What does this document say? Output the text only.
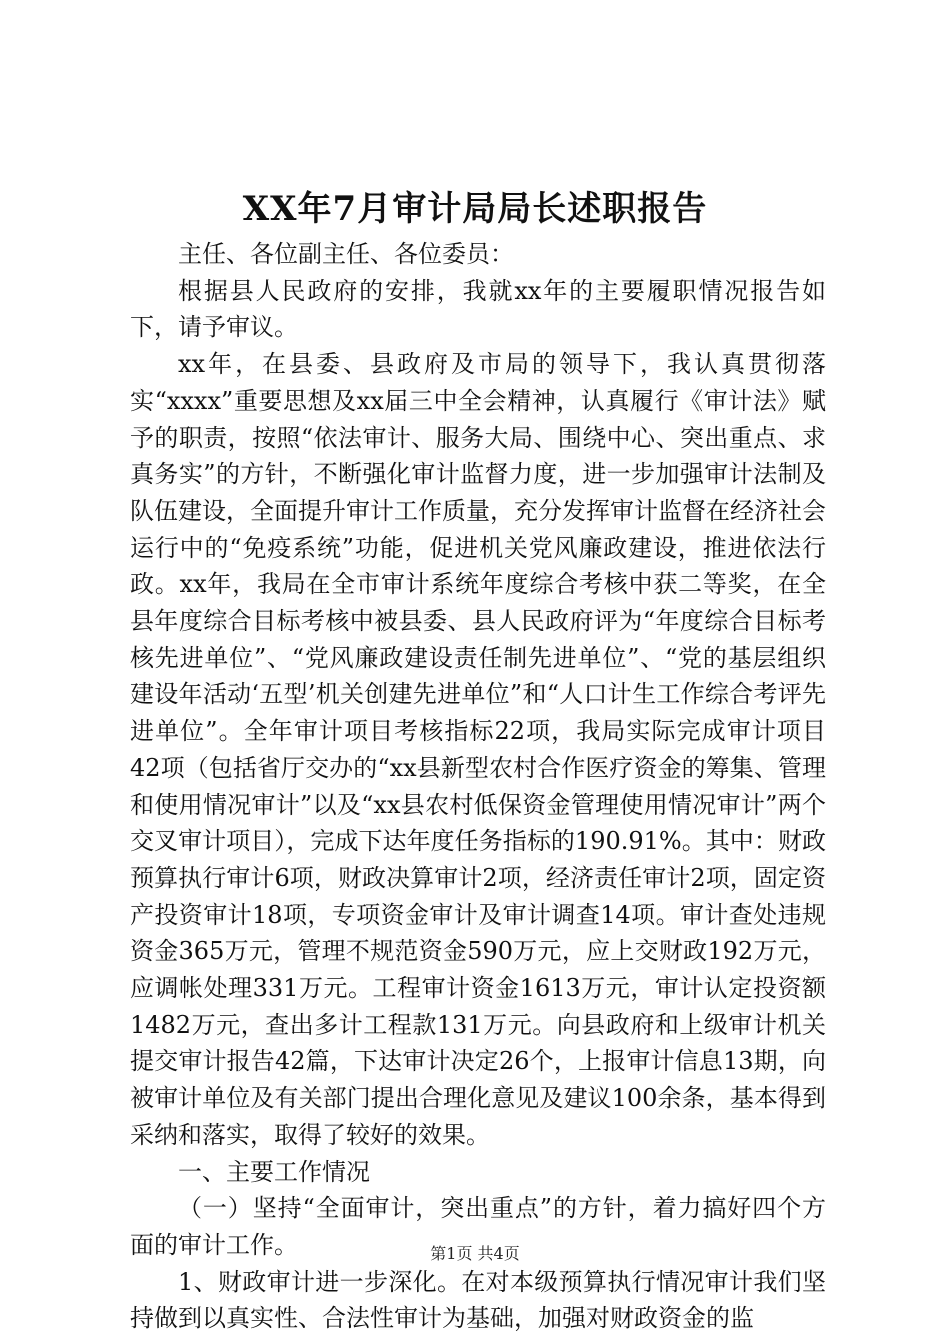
XX年7月审计局局长述职报告

主任、各位副主任、各位委员：

根据县人民政府的安排，我就xx年的主要履职情况报告如下，请予审议。

xx年，在县委、县政府及市局的领导下，我认真贯彻落实“xxxx”重要思想及xx届三中全会精神，认真履行《审计法》赋予的职责，按照“依法审计、服务大局、围绕中心、突出重点、求真务实”的方针，不断强化审计监督力度，进一步加强审计法制及队伍建设，全面提升审计工作质量，充分发挥审计监督在经济社会运行中的“免疫系统”功能，促进机关党风廉政建设，推进依法行政。xx年，我局在全市审计系统年度综合考核中获二等奖，在全县年度综合目标考核中被县委、县人民政府评为“年度综合目标考核先进单位”、“党风廉政建设责任制先进单位”、“党的基层组织建设年活动‘五型’机关创建先进单位”和“人口计生工作综合考评先进单位”。全年审计项目考核指标22项，我局实际完成审计项目42项（包括省厅交办的“xx县新型农村合作医疗资金的筹集、管理和使用情况审计”以及“xx县农村低保资金管理使用情况审计”两个交叉审计项目），完成下达年度任务指标的190.91%。其中：财政预算执行审计6项，财政决算审计2项，经济责任审计2项，固定资产投资审计18项，专项资金审计及审计调查14项。审计查处违规资金365万元，管理不规范资金590万元，应上交财政192万元，应调帐处理331万元。工程审计资金1613万元，审计认定投资额1482万元，查出多计工程款131万元。向县政府和上级审计机关提交审计报告42篇，下达审计决定26个，上报审计信息13期，向被审计单位及有关部门提出合理化意见及建议100余条，基本得到采纳和落实，取得了较好的效果。

一、主要工作情况

（一）坚持“全面审计，突出重点”的方针，着力搞好四个方面的审计工作。

1、财政审计进一步深化。在对本级预算执行情况审计我们坚持做到以真实性、合法性审计为基础，加强对财政资金的监

第1页 共4页
